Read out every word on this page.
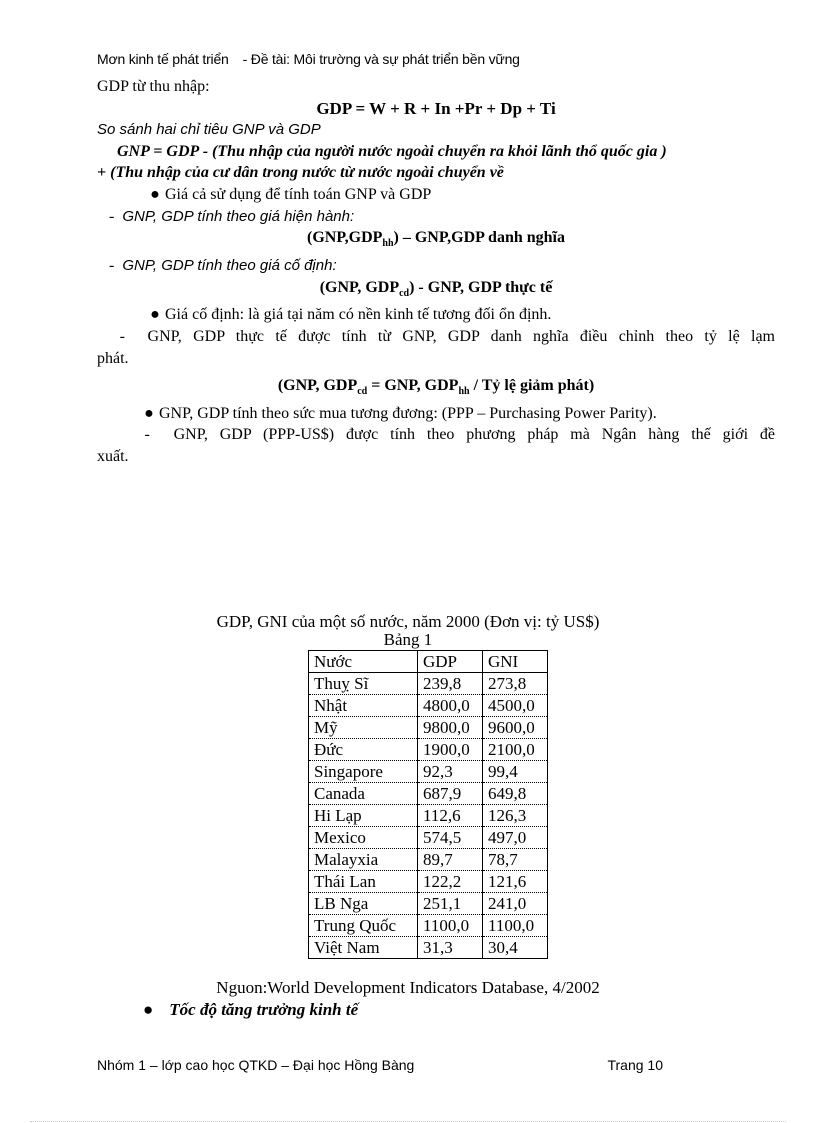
Mơn kinh tế phát triển - Đề tài: Môi trường và sự phát triển bền vững
GDP từ thu nhập:
GDP = W + R + In +Pr + Dp + Ti
So sánh hai chỉ tiêu GNP và GDP
GNP = GDP - (Thu nhập của người nước ngoài chuyển ra khỏi lãnh thổ quốc gia )
+ (Thu nhập của cư dân trong nước từ nước ngoài chuyển về
● Giá cả sử dụng để tính toán GNP và GDP
-  GNP, GDP tính theo giá hiện hành:
$(GNP,GDP_{hh}) - GNP,GDP$ danh nghĩa
-  GNP, GDP tính theo giá cố định:
(GNP, $GDP_{cd}$) - GNP, GDP thực tế
● Giá cố định: là giá tại năm có nền kinh tế tương đối ổn định.
-  GNP, GDP thực tế được tính từ GNP, GDP danh nghĩa điều chỉnh theo tỷ lệ lạm
phát.
(GNP, $GDP_{cd}$ = GNP, $GDP_{hh}$ / Tỷ lệ giảm phát)
● GNP, GDP tính theo sức mua tương đương: (PPP – Purchasing Power Parity).
-  GNP, GDP (PPP-US$) được tính theo phương pháp mà Ngân hàng thế giới đề
xuất.
GDP, GNI của một số nước, năm 2000 (Đơn vị: tỷ US$)
Bảng 1
Nước	GDP	GNI
Thuỵ Sĩ	239,8	273,8
Nhật	4800,0	4500,0
Mỹ	9800,0	9600,0
Đức	1900,0	2100,0
Singapore	92,3	99,4
Canada	687,9	649,8
Hi Lạp	112,6	126,3
Mexico	574,5	497,0
Malayxia	89,7	78,7
Thái Lan	122,2	121,6
LB Nga	251,1	241,0
Trung Quốc	1100,0	1100,0
Việt Nam	31,3	30,4
Nguon:World Development Indicators Database, 4/2002
● Tốc độ tăng trưởng kinh tế
Nhóm 1 – lớp cao học QTKD – Đại học Hồng Bàng	Trang 10
